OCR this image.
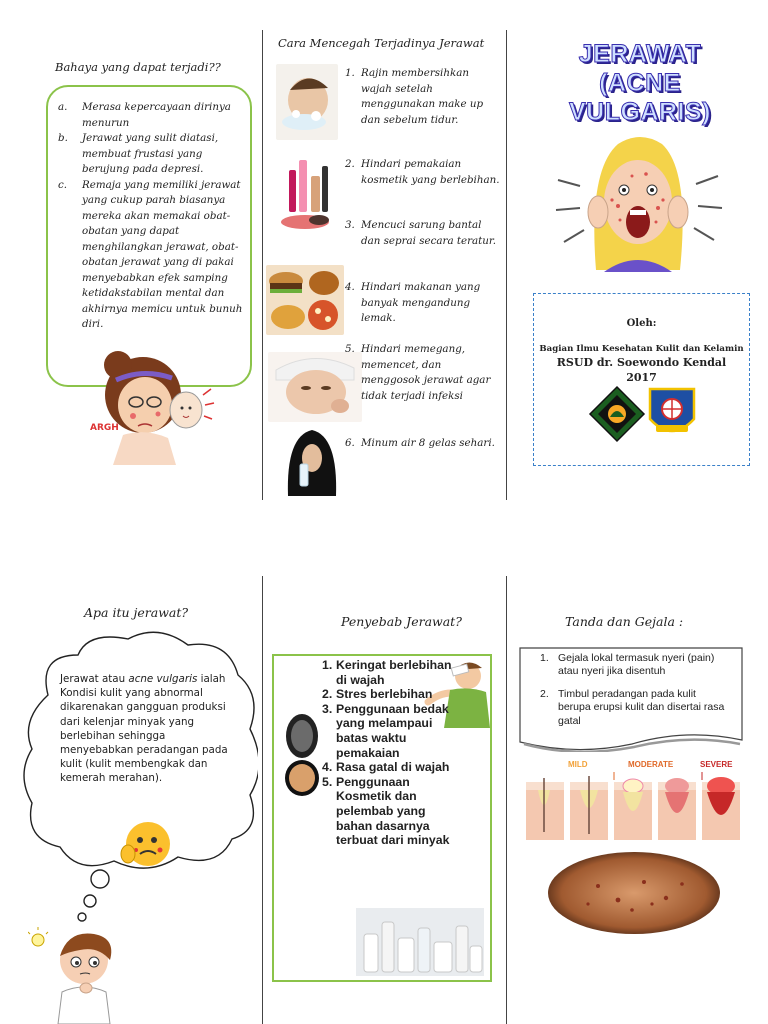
Bahaya yang dapat terjadi??
a.	Merasa kepercayaan dirinya menurun
b.	Jerawat yang sulit diatasi, membuat frustasi yang berujung pada depresi.
c.	Remaja yang memiliki jerawat yang cukup parah biasanya mereka akan memakai obat-obatan yang dapat menghilangkan jerawat, obat-obatan jerawat yang di pakai menyebabkan efek samping ketidakstabilan mental dan akhirnya memicu untuk bunuh diri.
ARGH
Cara Mencegah Terjadinya Jerawat
1. Rajin membersihkan wajah setelah menggunakan make up dan sebelum tidur.
2. Hindari pemakaian kosmetik yang berlebihan.
3. Mencuci sarung bantal dan seprai secara teratur.
4. Hindari makanan yang banyak mengandung lemak.
5. Hindari memegang, memencet, dan menggosok jerawat agar tidak terjadi infeksi
6. Minum air 8 gelas sehari.
JERAWAT
(ACNE VULGARIS)
Oleh:
Bagian Ilmu Kesehatan Kulit dan Kelamin
RSUD dr. Soewondo Kendal
2017
Apa itu jerawat?
Jerawat atau acne vulgaris ialah Kondisi kulit yang abnormal dikarenakan gangguan produksi dari kelenjar minyak yang berlebihan sehingga menyebabkan peradangan pada kulit (kulit membengkak dan kemerah merahan).
Penyebab Jerawat?
1. Keringat berlebihan di wajah
2. Stres berlebihan
3. Penggunaan bedak yang melampaui batas waktu pemakaian
4. Rasa gatal di wajah
5. Penggunaan Kosmetik dan pelembab yang bahan dasarnya terbuat dari minyak
Tanda dan Gejala :
1. Gejala lokal termasuk nyeri (pain) atau nyeri jika disentuh
2. Timbul peradangan pada kulit berupa erupsi kulit dan disertai rasa gatal
MILD	MODERATE	SEVERE
